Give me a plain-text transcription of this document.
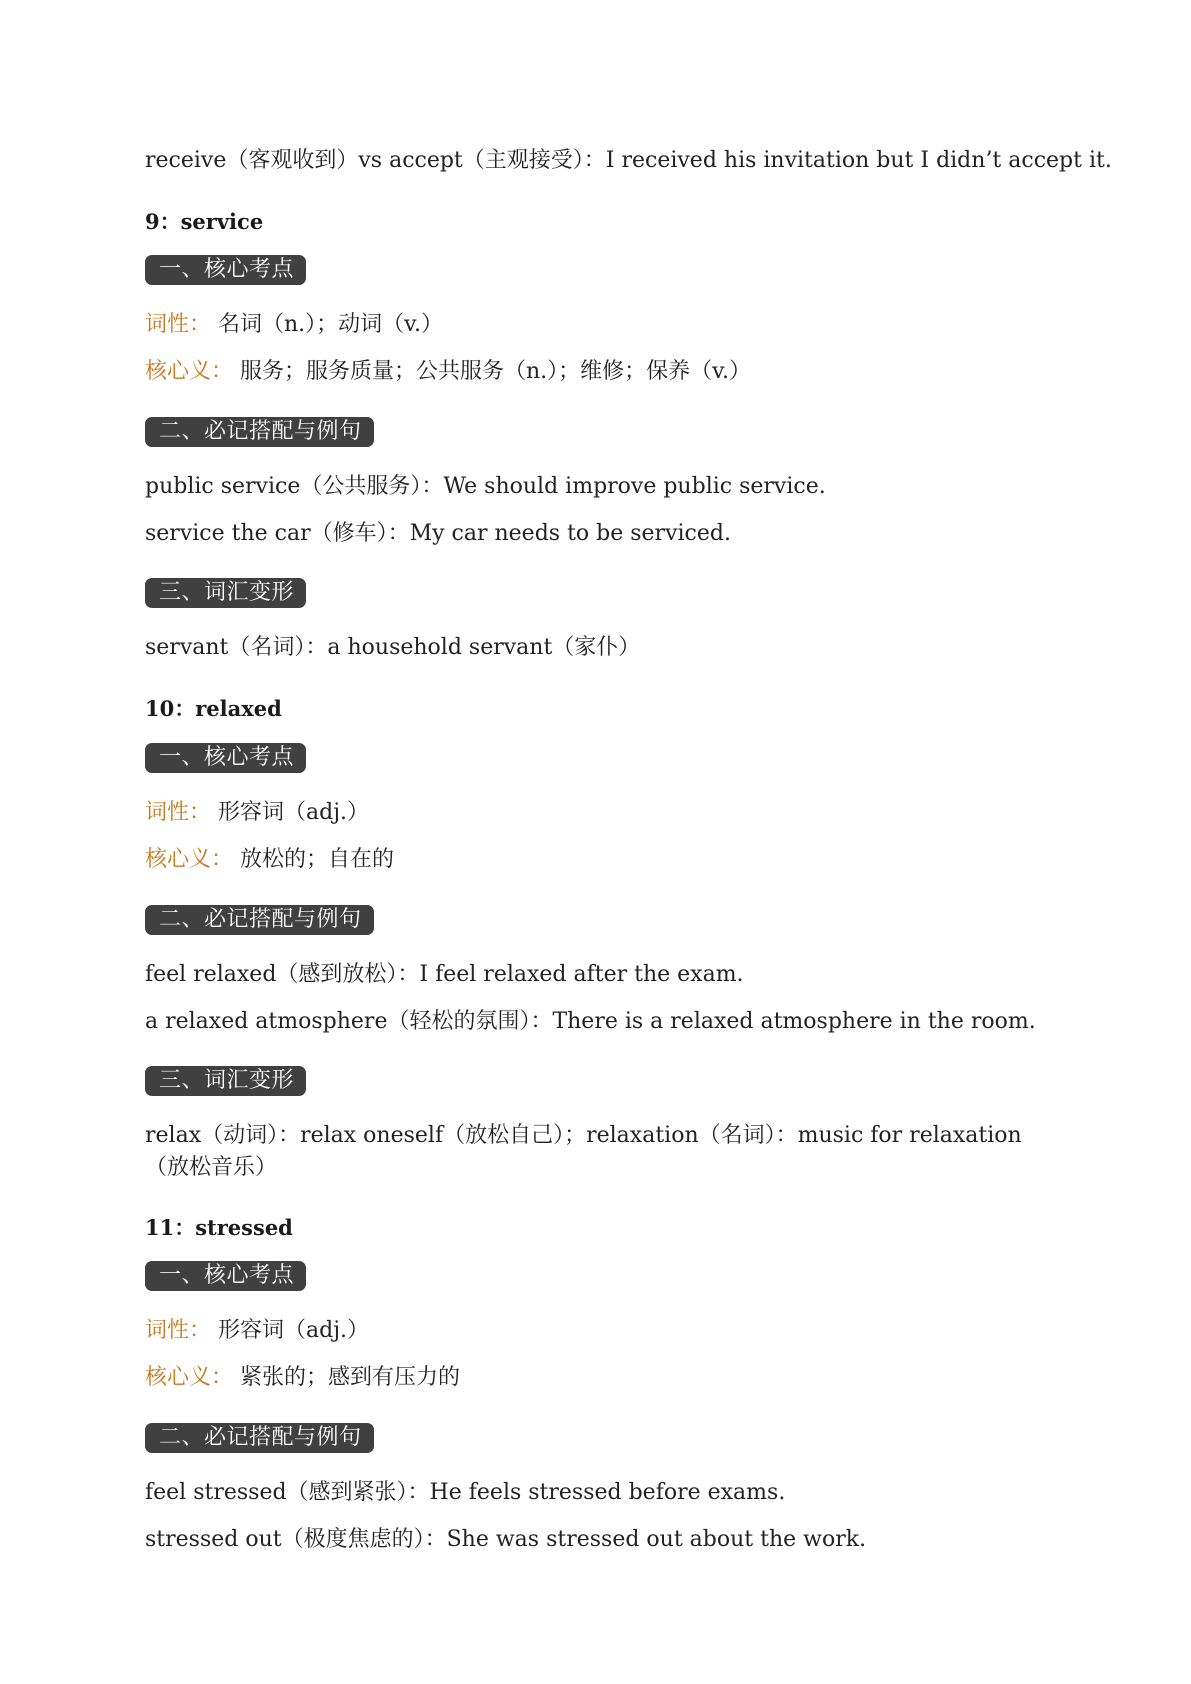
receive（客观收到）vs accept（主观接受）：I received his invitation but I didn’t accept it.

9：service

一、核心考点

词性： 名词（n.）；动词（v.）

核心义： 服务；服务质量；公共服务（n.）；维修；保养（v.）

二、必记搭配与例句

public service（公共服务）：We should improve public service.

service the car（修车）：My car needs to be serviced.

三、词汇变形

servant（名词）：a household servant（家仆）

10：relaxed

一、核心考点

词性： 形容词（adj.）

核心义： 放松的；自在的

二、必记搭配与例句

feel relaxed（感到放松）：I feel relaxed after the exam.

a relaxed atmosphere（轻松的氛围）：There is a relaxed atmosphere in the room.

三、词汇变形

relax（动词）：relax oneself（放松自己）；relaxation（名词）：music for relaxation（放松音乐）

11：stressed

一、核心考点

词性： 形容词（adj.）

核心义： 紧张的；感到有压力的

二、必记搭配与例句

feel stressed（感到紧张）：He feels stressed before exams.

stressed out（极度焦虑的）：She was stressed out about the work.
